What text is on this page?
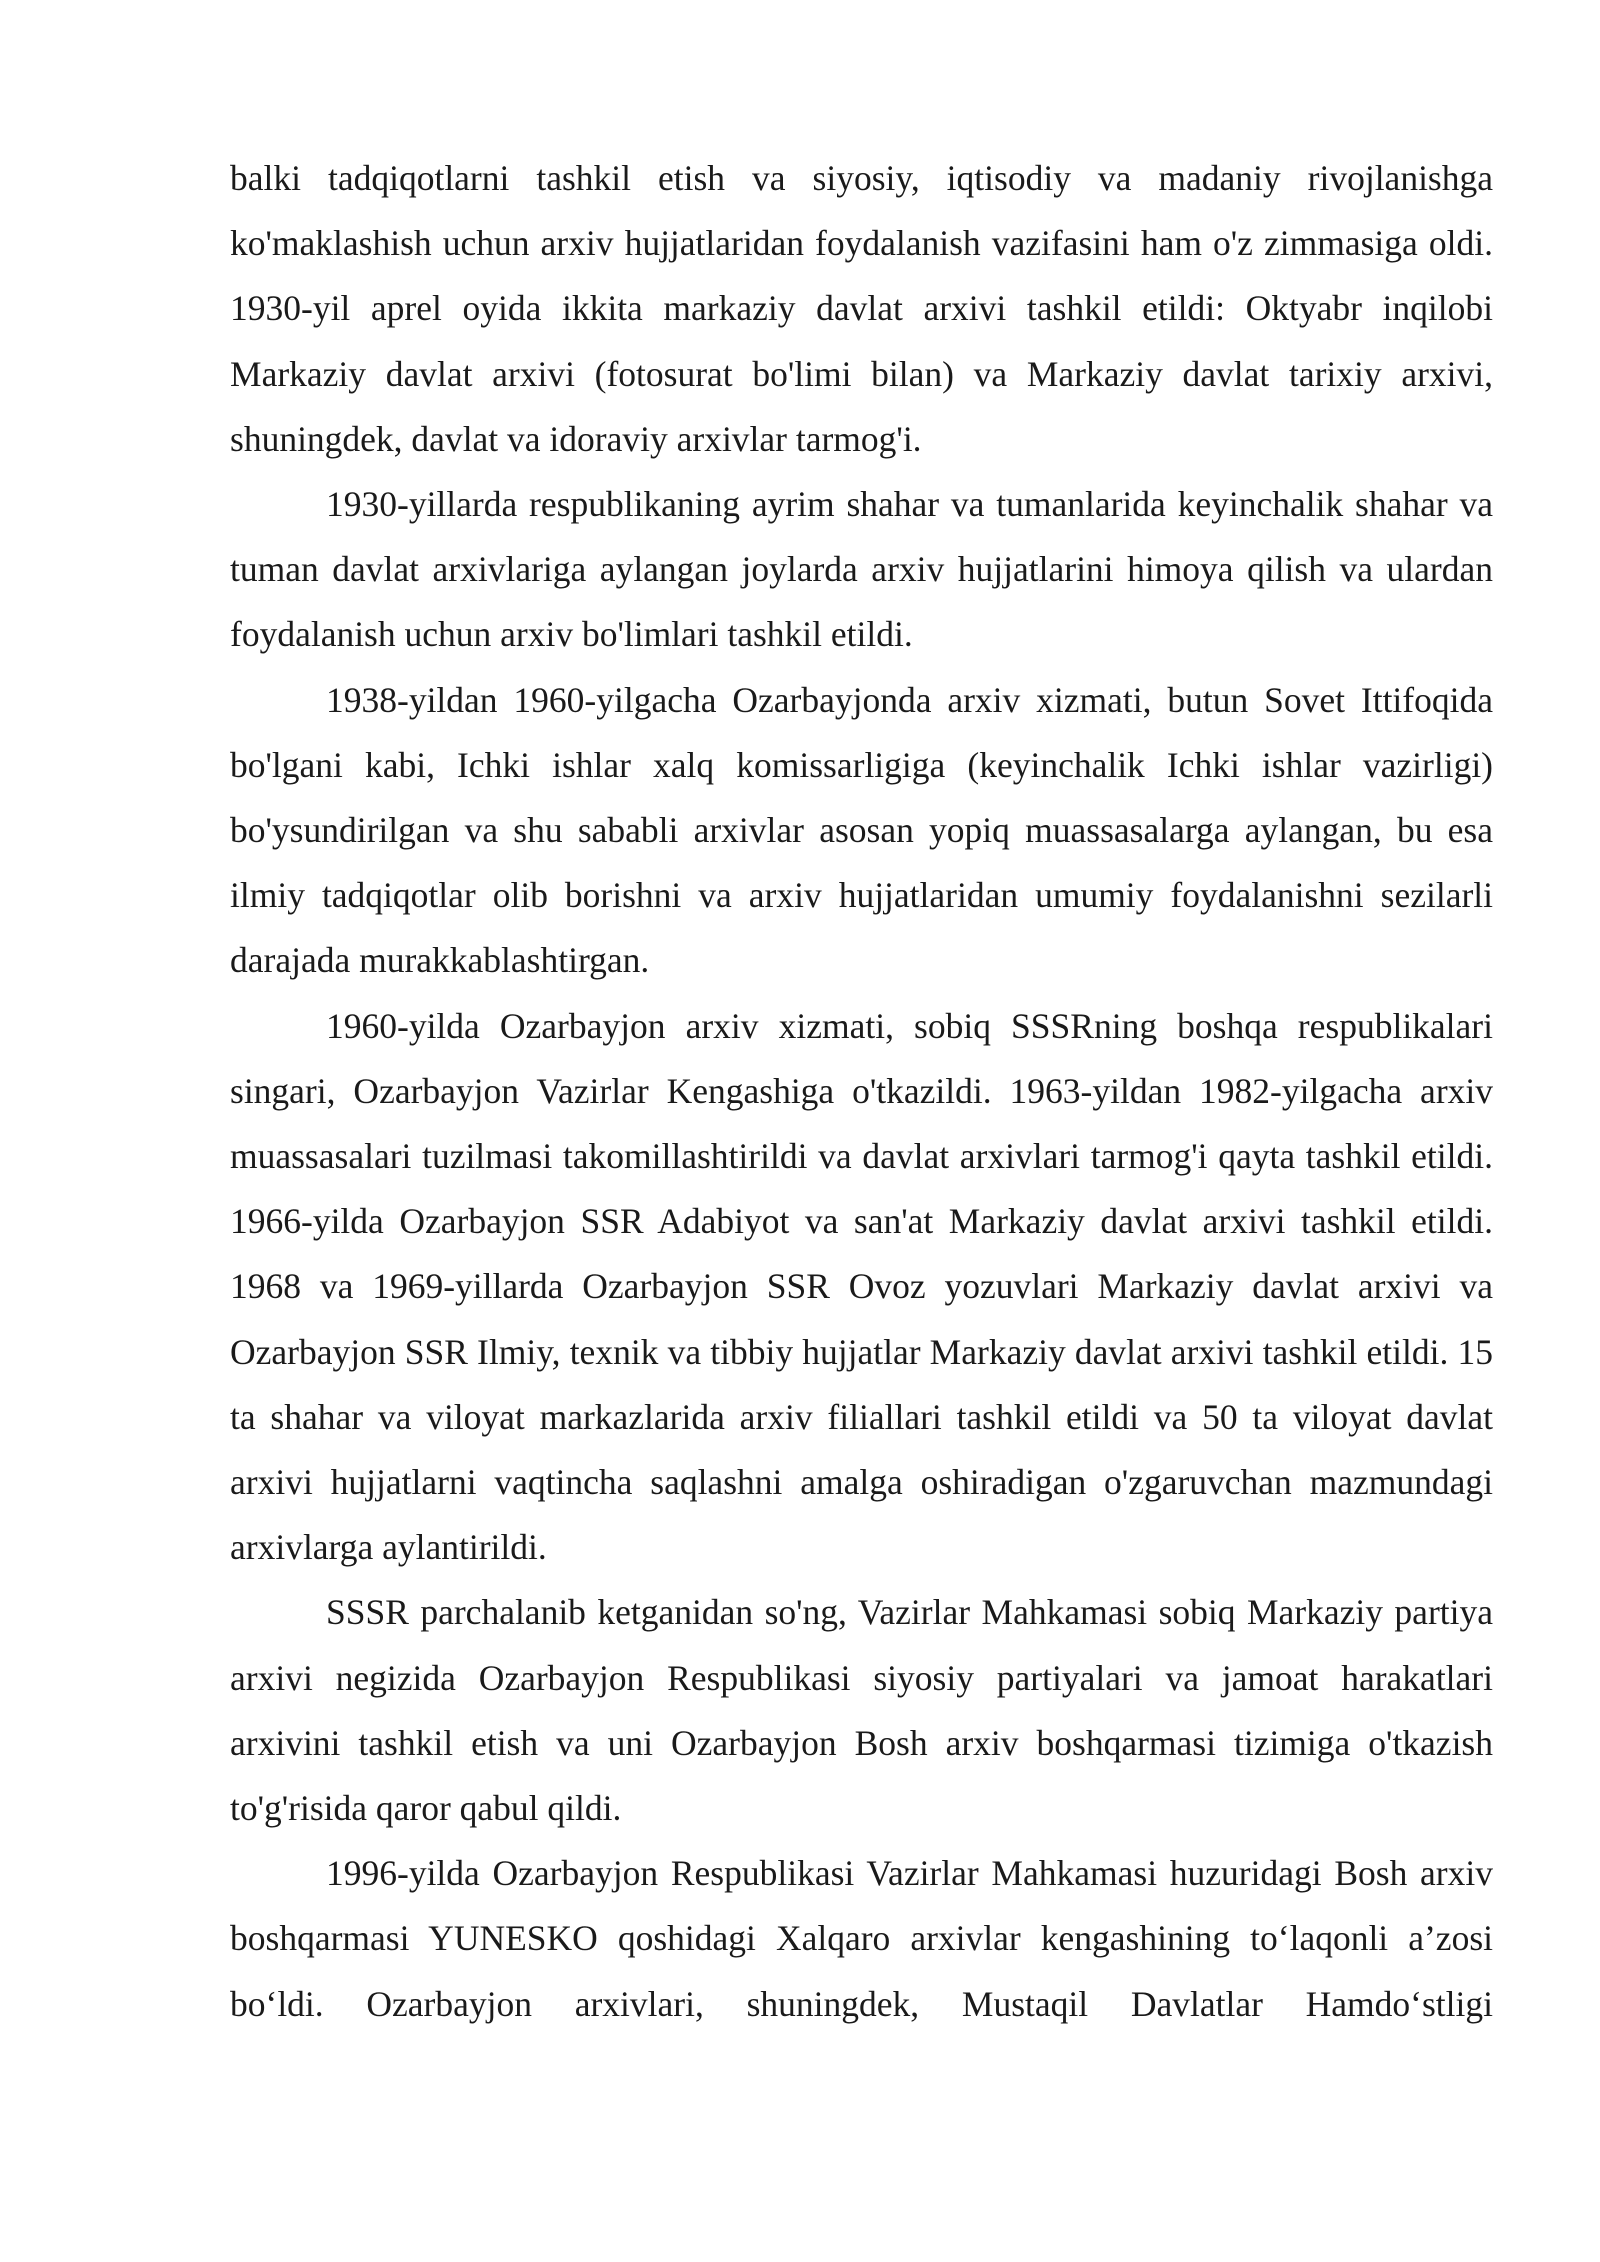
balki tadqiqotlarni tashkil etish va siyosiy, iqtisodiy va madaniy rivojlanishga ko'maklashish uchun arxiv hujjatlaridan foydalanish vazifasini ham o'z zimmasiga oldi. 1930-yil aprel oyida ikkita markaziy davlat arxivi tashkil etildi: Oktyabr inqilobi Markaziy davlat arxivi (fotosurat bo'limi bilan) va Markaziy davlat tarixiy arxivi, shuningdek, davlat va idoraviy arxivlar tarmog'i.

1930-yillarda respublikaning ayrim shahar va tumanlarida keyinchalik shahar va tuman davlat arxivlariga aylangan joylarda arxiv hujjatlarini himoya qilish va ulardan foydalanish uchun arxiv bo'limlari tashkil etildi.

1938-yildan 1960-yilgacha Ozarbayjonda arxiv xizmati, butun Sovet Ittifoqida bo'lgani kabi, Ichki ishlar xalq komissarligiga (keyinchalik Ichki ishlar vazirligi) bo'ysundirilgan va shu sababli arxivlar asosan yopiq muassasalarga aylangan, bu esa ilmiy tadqiqotlar olib borishni va arxiv hujjatlaridan umumiy foydalanishni sezilarli darajada murakkablashtirgan.

1960-yilda Ozarbayjon arxiv xizmati, sobiq SSSRning boshqa respublikalari singari, Ozarbayjon Vazirlar Kengashiga o'tkazildi. 1963-yildan 1982-yilgacha arxiv muassasalari tuzilmasi takomillashtirildi va davlat arxivlari tarmog'i qayta tashkil etildi. 1966-yilda Ozarbayjon SSR Adabiyot va san'at Markaziy davlat arxivi tashkil etildi. 1968 va 1969-yillarda Ozarbayjon SSR Ovoz yozuvlari Markaziy davlat arxivi va Ozarbayjon SSR Ilmiy, texnik va tibbiy hujjatlar Markaziy davlat arxivi tashkil etildi. 15 ta shahar va viloyat markazlarida arxiv filiallari tashkil etildi va 50 ta viloyat davlat arxivi hujjatlarni vaqtincha saqlashni amalga oshiradigan o'zgaruvchan mazmundagi arxivlarga aylantirildi.

SSSR parchalanib ketganidan so'ng, Vazirlar Mahkamasi sobiq Markaziy partiya arxivi negizida Ozarbayjon Respublikasi siyosiy partiyalari va jamoat harakatlari arxivini tashkil etish va uni Ozarbayjon Bosh arxiv boshqarmasi tizimiga o'tkazish to'g'risida qaror qabul qildi.

1996-yilda Ozarbayjon Respublikasi Vazirlar Mahkamasi huzuridagi Bosh arxiv boshqarmasi YUNESKO qoshidagi Xalqaro arxivlar kengashining to‘laqonli a’zosi bo‘ldi. Ozarbayjon arxivlari, shuningdek, Mustaqil Davlatlar Hamdo‘stligi
